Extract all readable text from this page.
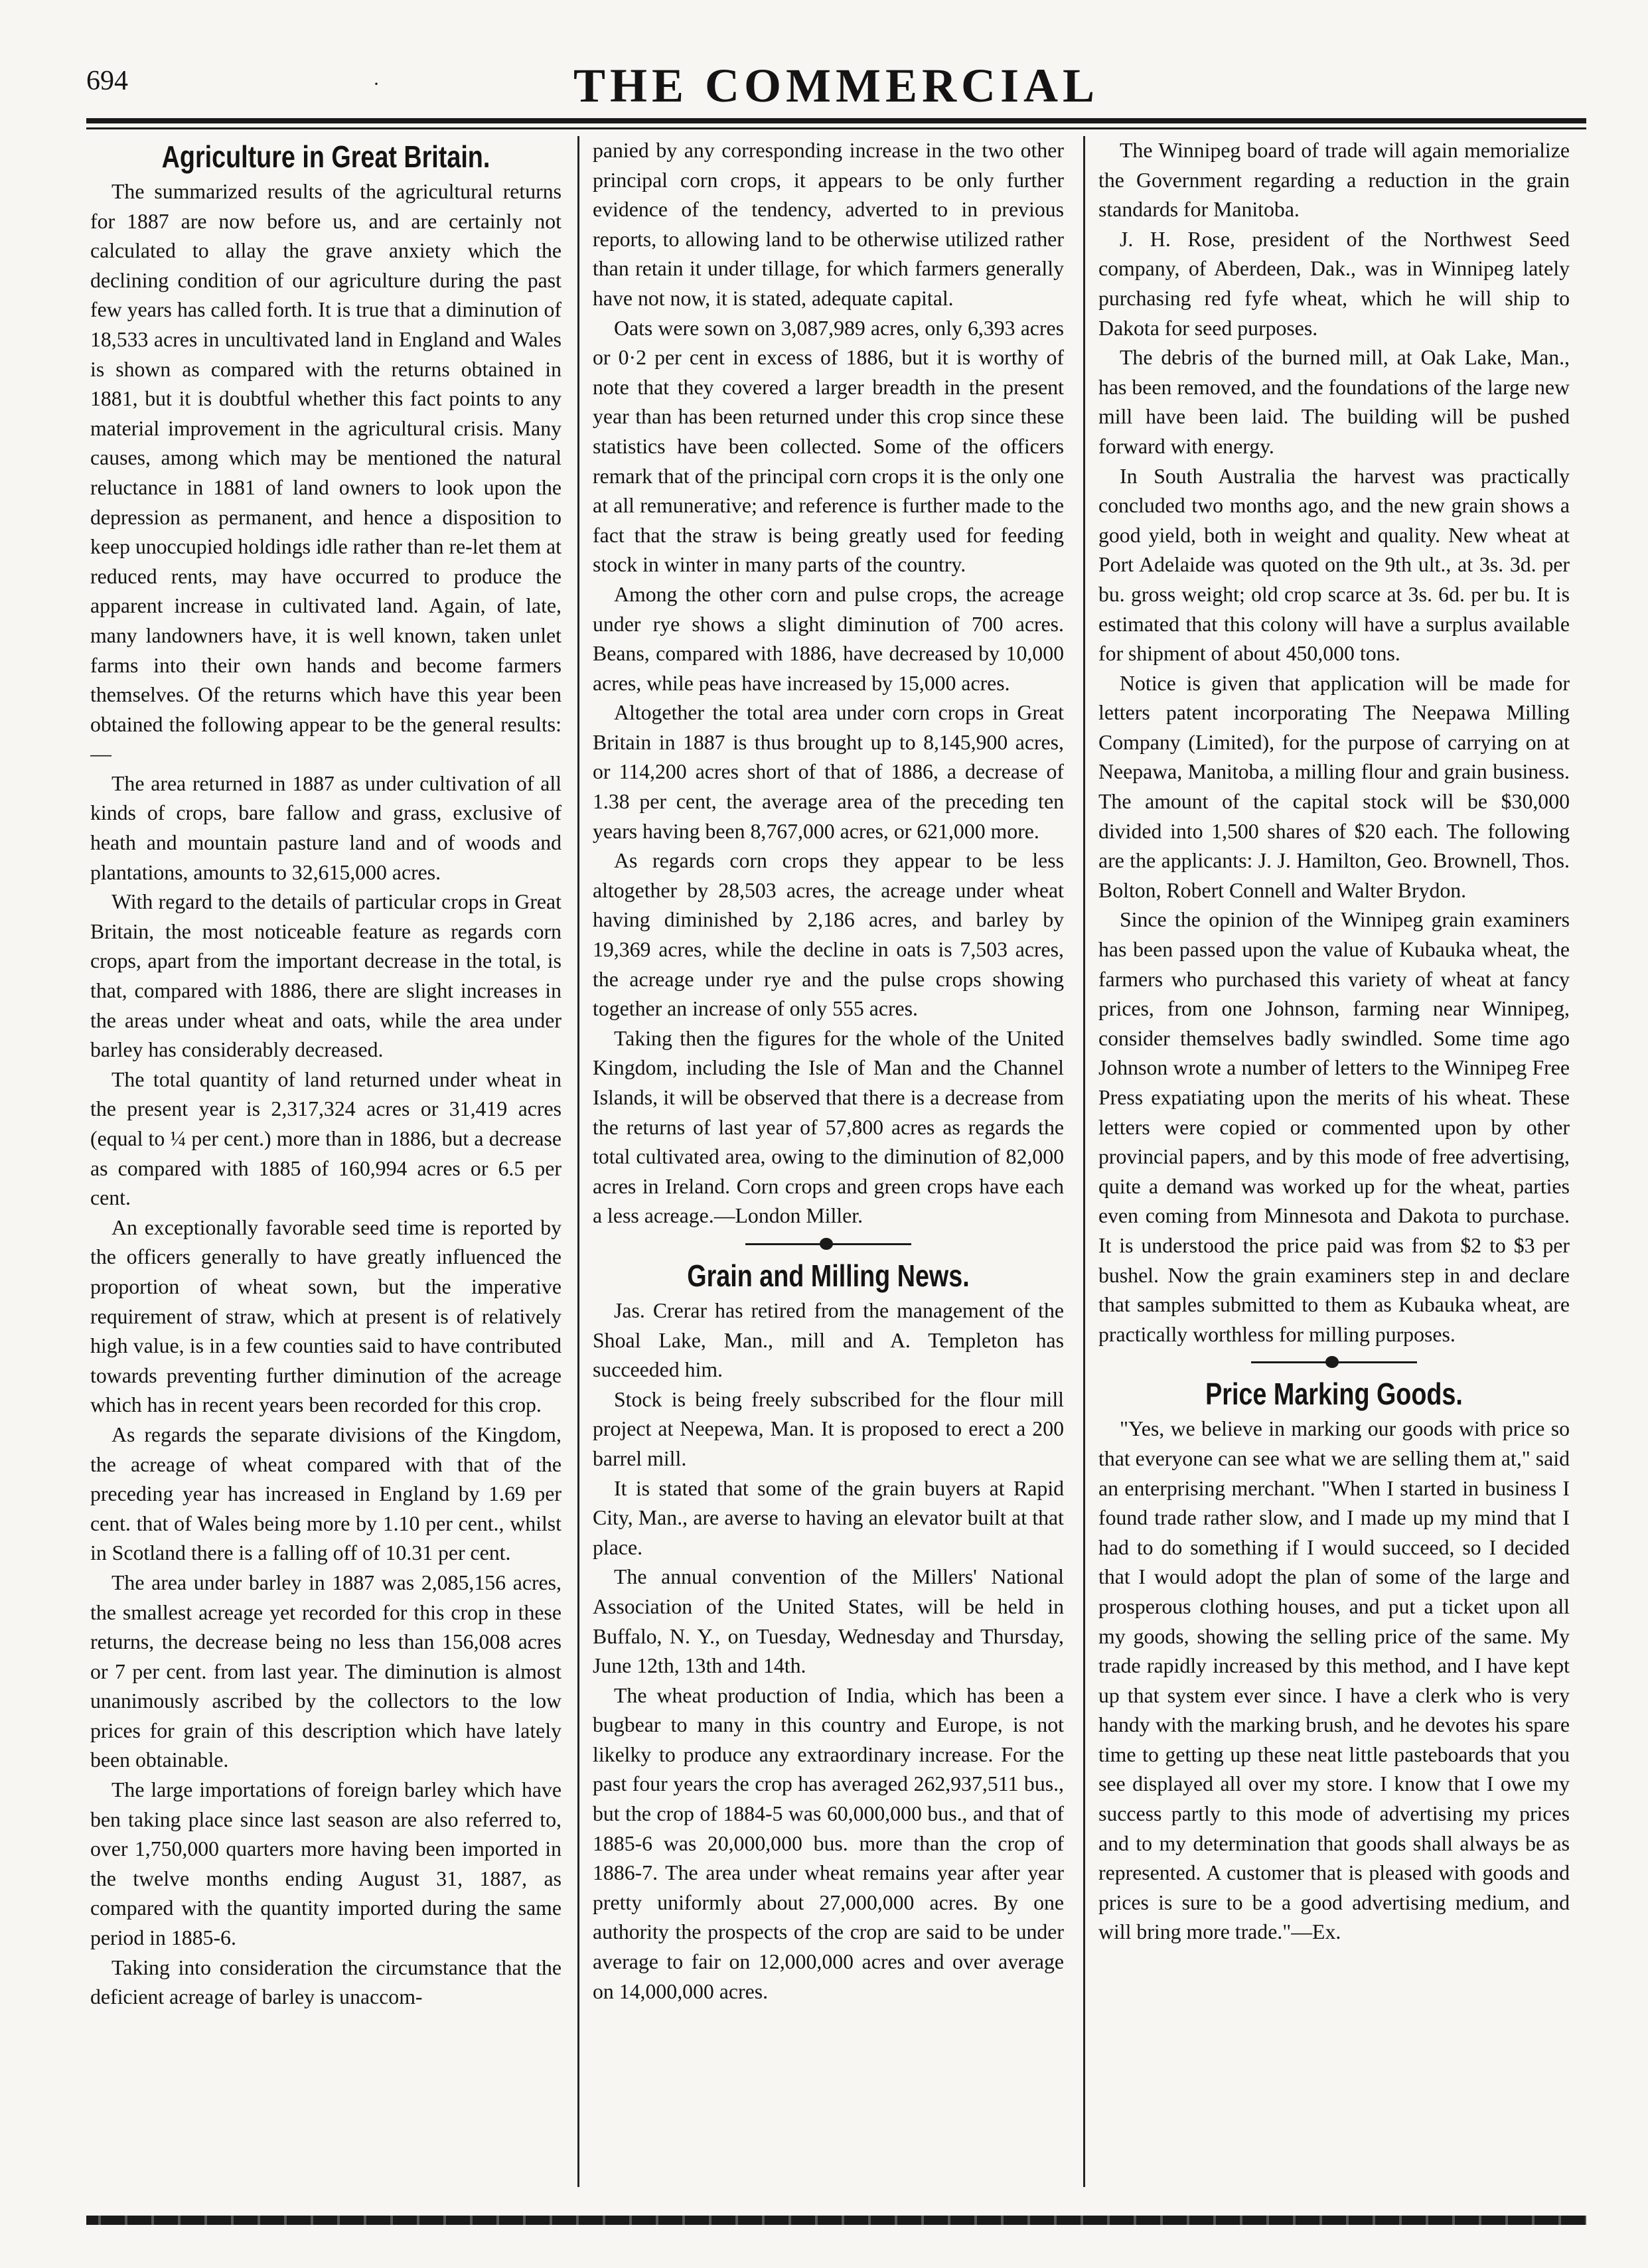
694	·	THE COMMERCIAL
Agriculture in Great Britain.

The summarized results of the agricultural returns for 1887 are now before us, and are certainly not calculated to allay the grave anxiety which the declining condition of our agriculture during the past few years has called forth. It is true that a diminution of 18,533 acres in uncultivated land in England and Wales is shown as compared with the returns obtained in 1881, but it is doubtful whether this fact points to any material improvement in the agricultural crisis. Many causes, among which may be mentioned the natural reluctance in 1881 of land owners to look upon the depression as permanent, and hence a disposition to keep unoccupied holdings idle rather than re-let them at reduced rents, may have occurred to produce the apparent increase in cultivated land. Again, of late, many landowners have, it is well known, taken unlet farms into their own hands and become farmers themselves. Of the returns which have this year been obtained the following appear to be the general results:—

The area returned in 1887 as under cultivation of all kinds of crops, bare fallow and grass, exclusive of heath and mountain pasture land and of woods and plantations, amounts to 32,615,000 acres.

With regard to the details of particular crops in Great Britain, the most noticeable feature as regards corn crops, apart from the important decrease in the total, is that, compared with 1886, there are slight increases in the areas under wheat and oats, while the area under barley has considerably decreased.

The total quantity of land returned under wheat in the present year is 2,317,324 acres or 31,419 acres (equal to ¼ per cent.) more than in 1886, but a decrease as compared with 1885 of 160,994 acres or 6.5 per cent.

An exceptionally favorable seed time is reported by the officers generally to have greatly influenced the proportion of wheat sown, but the imperative requirement of straw, which at present is of relatively high value, is in a few counties said to have contributed towards preventing further diminution of the acreage which has in recent years been recorded for this crop.

As regards the separate divisions of the Kingdom, the acreage of wheat compared with that of the preceding year has increased in England by 1.69 per cent. that of Wales being more by 1.10 per cent., whilst in Scotland there is a falling off of 10.31 per cent.

The area under barley in 1887 was 2,085,156 acres, the smallest acreage yet recorded for this crop in these returns, the decrease being no less than 156,008 acres or 7 per cent. from last year. The diminution is almost unanimously ascribed by the collectors to the low prices for grain of this description which have lately been obtainable.

The large importations of foreign barley which have ben taking place since last season are also referred to, over 1,750,000 quarters more having been imported in the twelve months ending August 31, 1887, as compared with the quantity imported during the same period in 1885-6.

Taking into consideration the circumstance that the deficient acreage of barley is unaccom-

panied by any corresponding increase in the two other principal corn crops, it appears to be only further evidence of the tendency, adverted to in previous reports, to allowing land to be otherwise utilized rather than retain it under tillage, for which farmers generally have not now, it is stated, adequate capital.

Oats were sown on 3,087,989 acres, only 6,393 acres or 0·2 per cent in excess of 1886, but it is worthy of note that they covered a larger breadth in the present year than has been returned under this crop since these statistics have been collected. Some of the officers remark that of the principal corn crops it is the only one at all remunerative; and reference is further made to the fact that the straw is being greatly used for feeding stock in winter in many parts of the country.

Among the other corn and pulse crops, the acreage under rye shows a slight diminution of 700 acres. Beans, compared with 1886, have decreased by 10,000 acres, while peas have increased by 15,000 acres.

Altogether the total area under corn crops in Great Britain in 1887 is thus brought up to 8,145,900 acres, or 114,200 acres short of that of 1886, a decrease of 1.38 per cent, the average area of the preceding ten years having been 8,767,000 acres, or 621,000 more.

As regards corn crops they appear to be less altogether by 28,503 acres, the acreage under wheat having diminished by 2,186 acres, and barley by 19,369 acres, while the decline in oats is 7,503 acres, the acreage under rye and the pulse crops showing together an increase of only 555 acres.

Taking then the figures for the whole of the United Kingdom, including the Isle of Man and the Channel Islands, it will be observed that there is a decrease from the returns of last year of 57,800 acres as regards the total cultivated area, owing to the diminution of 82,000 acres in Ireland. Corn crops and green crops have each a less acreage.—London Miller.

Grain and Milling News.

Jas. Crerar has retired from the management of the Shoal Lake, Man., mill and A. Templeton has succeeded him.

Stock is being freely subscribed for the flour mill project at Neepewa, Man. It is proposed to erect a 200 barrel mill.

It is stated that some of the grain buyers at Rapid City, Man., are averse to having an elevator built at that place.

The annual convention of the Millers' National Association of the United States, will be held in Buffalo, N. Y., on Tuesday, Wednesday and Thursday, June 12th, 13th and 14th.

The wheat production of India, which has been a bugbear to many in this country and Europe, is not likelky to produce any extraordinary increase. For the past four years the crop has averaged 262,937,511 bus., but the crop of 1884-5 was 60,000,000 bus., and that of 1885-6 was 20,000,000 bus. more than the crop of 1886-7. The area under wheat remains year after year pretty uniformly about 27,000,000 acres. By one authority the prospects of the crop are said to be under average to fair on 12,000,000 acres and over average on 14,000,000 acres.

The Winnipeg board of trade will again memorialize the Government regarding a reduction in the grain standards for Manitoba.

J. H. Rose, president of the Northwest Seed company, of Aberdeen, Dak., was in Winnipeg lately purchasing red fyfe wheat, which he will ship to Dakota for seed purposes.

The debris of the burned mill, at Oak Lake, Man., has been removed, and the foundations of the large new mill have been laid. The building will be pushed forward with energy.

In South Australia the harvest was practically concluded two months ago, and the new grain shows a good yield, both in weight and quality. New wheat at Port Adelaide was quoted on the 9th ult., at 3s. 3d. per bu. gross weight; old crop scarce at 3s. 6d. per bu. It is estimated that this colony will have a surplus available for shipment of about 450,000 tons.

Notice is given that application will be made for letters patent incorporating The Neepawa Milling Company (Limited), for the purpose of carrying on at Neepawa, Manitoba, a milling flour and grain business. The amount of the capital stock will be $30,000 divided into 1,500 shares of $20 each. The following are the applicants: J. J. Hamilton, Geo. Brownell, Thos. Bolton, Robert Connell and Walter Brydon.

Since the opinion of the Winnipeg grain examiners has been passed upon the value of Kubauka wheat, the farmers who purchased this variety of wheat at fancy prices, from one Johnson, farming near Winnipeg, consider themselves badly swindled. Some time ago Johnson wrote a number of letters to the Winnipeg Free Press expatiating upon the merits of his wheat. These letters were copied or commented upon by other provincial papers, and by this mode of free advertising, quite a demand was worked up for the wheat, parties even coming from Minnesota and Dakota to purchase. It is understood the price paid was from $2 to $3 per bushel. Now the grain examiners step in and declare that samples submitted to them as Kubauka wheat, are practically worthless for milling purposes.

Price Marking Goods.

"Yes, we believe in marking our goods with price so that everyone can see what we are selling them at," said an enterprising merchant. "When I started in business I found trade rather slow, and I made up my mind that I had to do something if I would succeed, so I decided that I would adopt the plan of some of the large and prosperous clothing houses, and put a ticket upon all my goods, showing the selling price of the same. My trade rapidly increased by this method, and I have kept up that system ever since. I have a clerk who is very handy with the marking brush, and he devotes his spare time to getting up these neat little pasteboards that you see displayed all over my store. I know that I owe my success partly to this mode of advertising my prices and to my determination that goods shall always be as represented. A customer that is pleased with goods and prices is sure to be a good advertising medium, and will bring more trade."—Ex.
